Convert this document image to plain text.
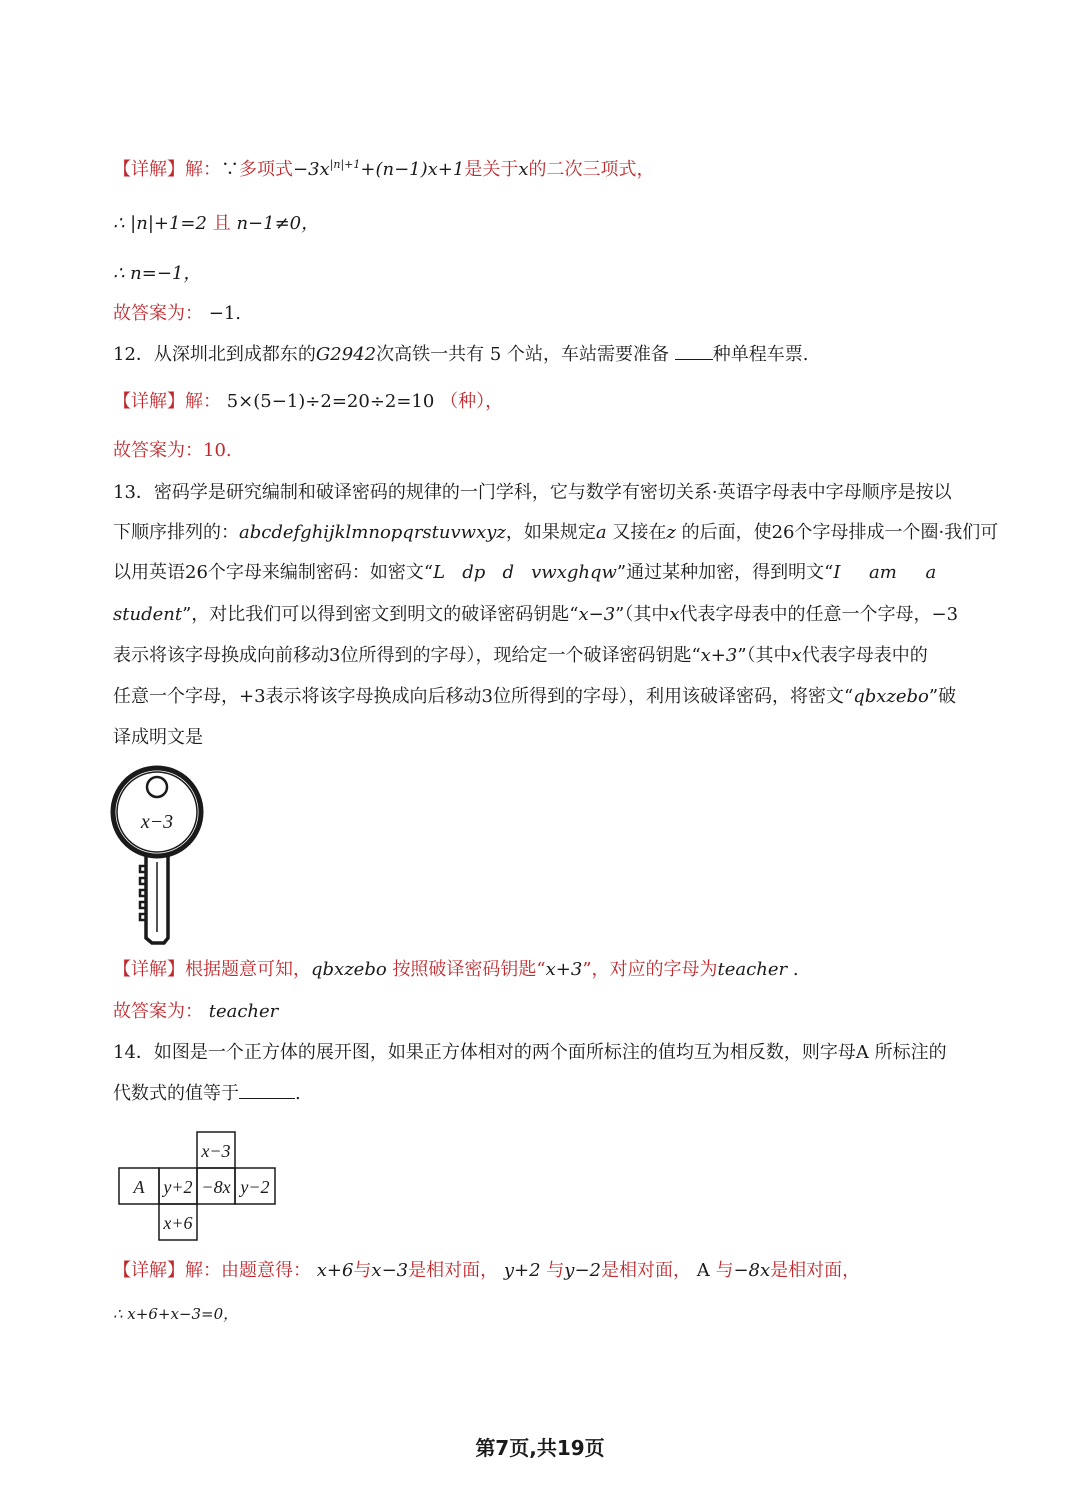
【详解】解：∵多项式$-3x^{|n|+1}+(n-1)x+1$是关于x的二次三项式，
∴ |n|+1=2 且 n−1≠0，
∴ n=−1，
故答案为： −1.
12．从深圳北到成都东的G2942次高铁一共有 5 个站，车站需要准备 种单程车票.
【详解】解： 5×(5−1)÷2=20÷2=10 （种），
故答案为：10.
13．密码学是研究编制和破译密码的规律的一门学科，它与数学有密切关系·英语字母表中字母顺序是按以
下顺序排列的：abcdefghijklmnopqrstuvwxyz，如果规定a 又接在z 的后面，使26个字母排成一个圈·我们可
以用英语26个字母来编制密码：如密文“L   dp   d   vwxghqw”通过某种加密，得到明文“I     am     a
student”，对比我们可以得到密文到明文的破译密码钥匙“x−3”（其中x代表字母表中的任意一个字母，−3
表示将该字母换成向前移动3位所得到的字母），现给定一个破译密码钥匙“x+3”（其中x代表字母表中的
任意一个字母，+3表示将该字母换成向后移动3位所得到的字母），利用该破译密码，将密文“qbxzebo”破
译成明文是
x−3
【详解】根据题意可知，qbxzebo 按照破译密码钥匙“x+3”，对应的字母为teacher .
故答案为： teacher
14．如图是一个正方体的展开图，如果正方体相对的两个面所标注的值均互为相反数，则字母A 所标注的
代数式的值等于	.
x−3
A y+2 −8x y−2
x+6
【详解】解：由题意得： x+6与x−3是相对面， y+2 与y−2是相对面， A 与−8x是相对面，
∴ x+6+x−3=0，
第7页,共19页
